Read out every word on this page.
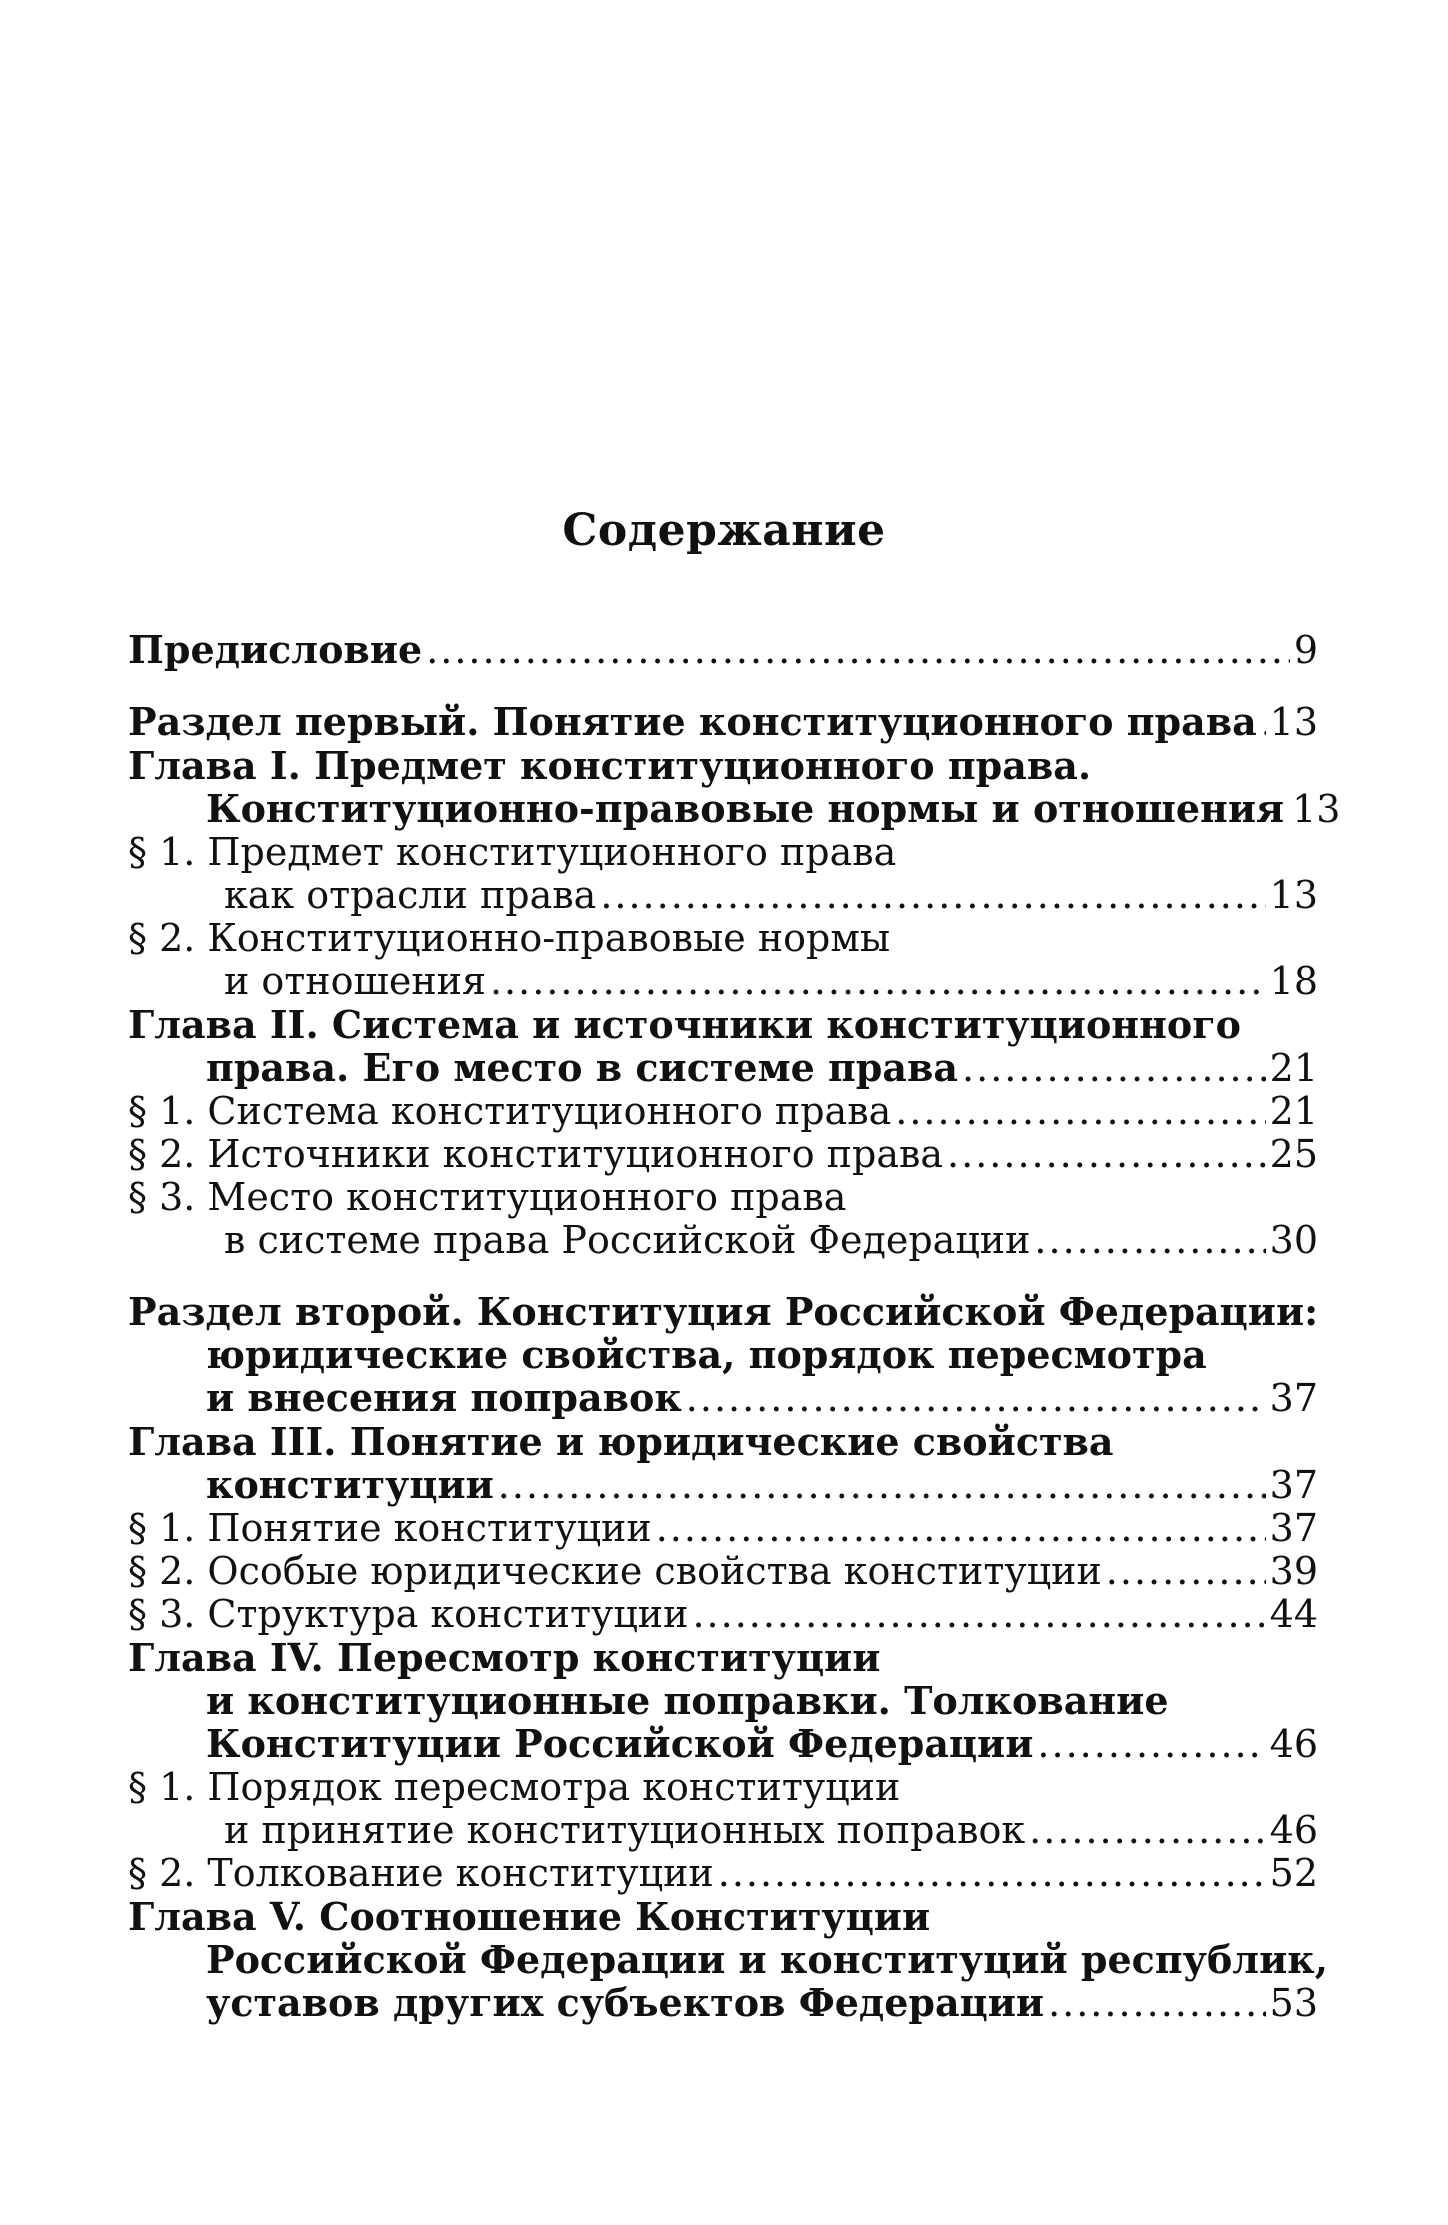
Содержание
Предисловие .....	9
Раздел первый. Понятие конституционного права ..... 13
Глава I. Предмет конституционного права.
Конституционно-правовые нормы и отношения 13
§ 1. Предмет конституционного права
как отрасли права .....	13
§ 2. Конституционно-правовые нормы
и отношения .....	18
Глава II. Система и источники конституционного
права. Его место в системе права .....	21
§ 1. Система конституционного права .....	21
§ 2. Источники конституционного права .....	25
§ 3. Место конституционного права
в системе права Российской Федерации .....	30
Раздел второй. Конституция Российской Федерации:
юридические свойства, порядок пересмотра
и внесения поправок .....	37
Глава III. Понятие и юридические свойства
конституции .....	37
§ 1. Понятие конституции .....	37
§ 2. Особые юридические свойства конституции .....	39
§ 3. Структура конституции .....	44
Глава IV. Пересмотр конституции
и конституционные поправки. Толкование
Конституции Российской Федерации .....	46
§ 1. Порядок пересмотра конституции
и принятие конституционных поправок .....	46
§ 2. Толкование конституции .....	52
Глава V. Соотношение Конституции
Российской Федерации и конституций республик,
уставов других субъектов Федерации .....	53
